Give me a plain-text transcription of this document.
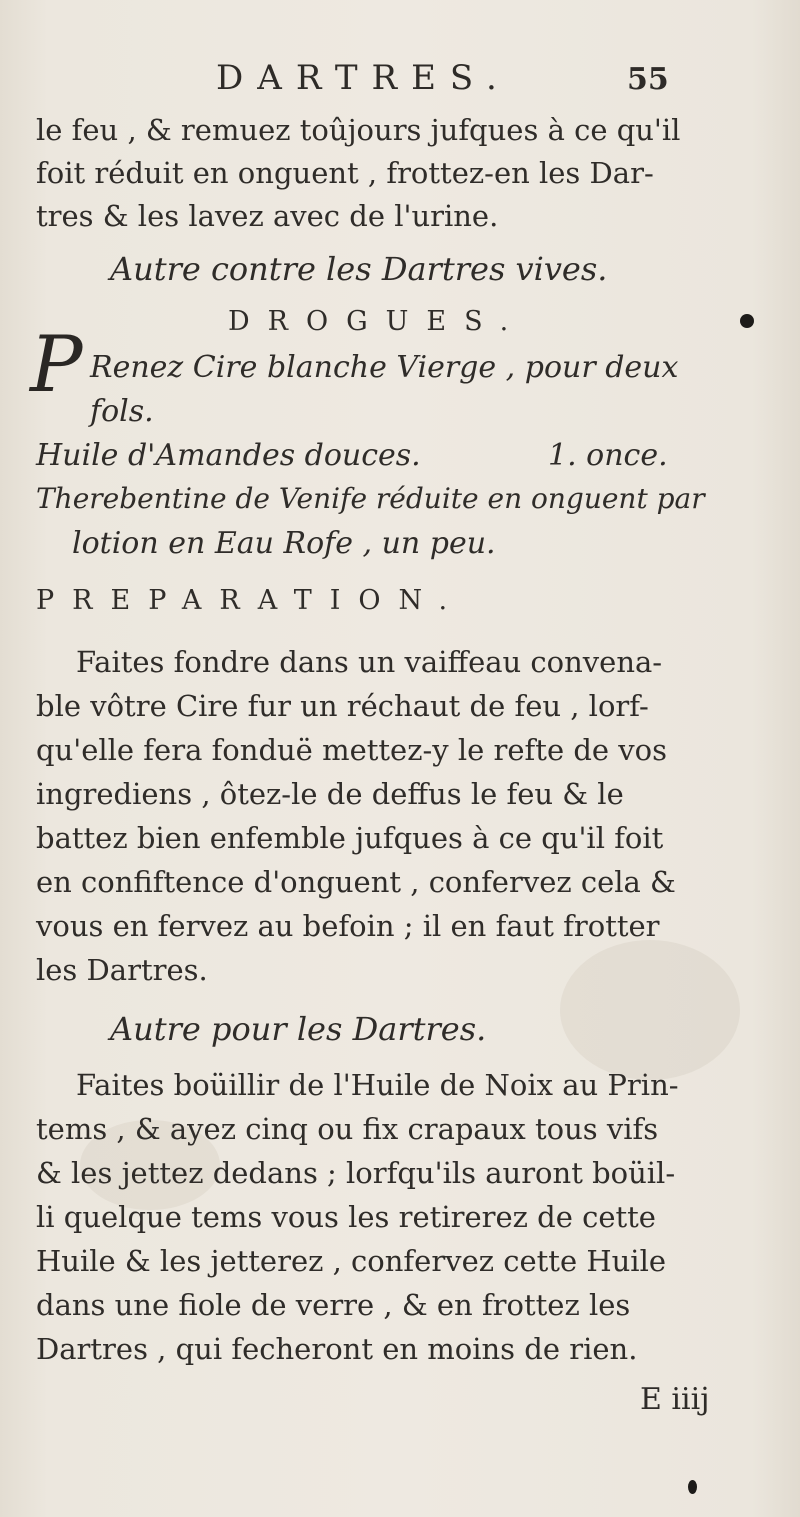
DARTRES.	55
le feu , & remuez toûjours jufques à ce qu'il
foit réduit en onguent , frottez-en les Dar-
tres & les lavez avec de l'urine.
Autre contre les Dartres vives.
DROGUES.
P Renez Cire blanche Vierge , pour deux
fols.
Huile d'Amandes douces.	1. once.
Therebentine de Venife réduite en onguent par
lotion en Eau Rofe , un peu.
PREPARATION.
Faites fondre dans un vaiffeau convena-
ble vôtre Cire fur un réchaut de feu , lorf-
qu'elle fera fonduë mettez-y le refte de vos
ingrediens , ôtez-le de deffus le feu & le
battez bien enfemble jufques à ce qu'il foit
en confiftence d'onguent , confervez cela &
vous en fervez au befoin ; il en faut frotter
les Dartres.
Autre pour les Dartres.
Faites boüillir de l'Huile de Noix au Prin-
tems , & ayez cinq ou fix crapaux tous vifs
& les jettez dedans ; lorfqu'ils auront boüil-
li quelque tems vous les retirerez de cette
Huile & les jetterez , confervez cette Huile
dans une fiole de verre , & en frottez les
Dartres , qui fecheront en moins de rien.
E iiij
